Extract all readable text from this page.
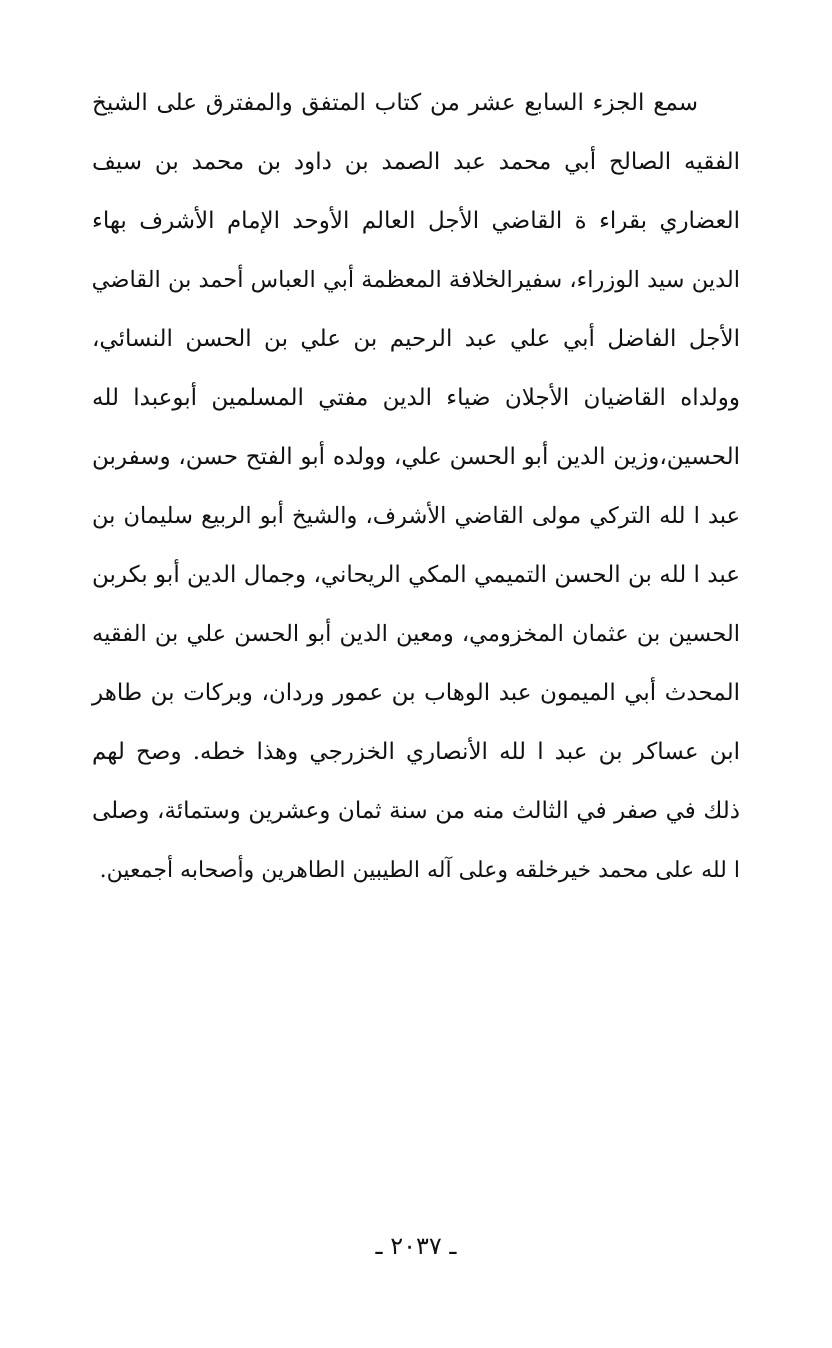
سمع الجزء السابع عشر من كتاب المتفق والمفترق على الشيخ
الفقيه الصالح أبي محمد عبد الصمد بن داود بن محمد بن سيف
العضاري بقراء ة القاضي الأجل العالم الأوحد الإمام الأشرف بهاء
الدين سيد الوزراء، سفيرالخلافة المعظمة أبي العباس أحمد بن القاضي
الأجل الفاضل أبي علي عبد الرحيم بن علي بن الحسن النسائي،
وولداه القاضيان الأجلان ضياء الدين مفتي المسلمين أبوعبدا لله
الحسين،وزين الدين أبو الحسن علي، وولده أبو الفتح حسن، وسفربن
عبد ا لله التركي مولى القاضي الأشرف، والشيخ أبو الربيع سليمان بن
عبد ا لله بن الحسن التميمي المكي الريحاني، وجمال الدين أبو بكربن
الحسين بن عثمان المخزومي، ومعين الدين أبو الحسن علي بن الفقيه
المحدث أبي الميمون عبد الوهاب بن عمور وردان، وبركات بن طاهر
ابن عساكر بن عبد ا لله الأنصاري الخزرجي وهذا خطه. وصح لهم
ذلك في صفر في الثالث منه من سنة ثمان وعشرين وستمائة، وصلى
ا لله على محمد خيرخلقه وعلى آله الطيبين الطاهرين وأصحابه أجمعين.
ـ ٢٠٣٧ ـ
